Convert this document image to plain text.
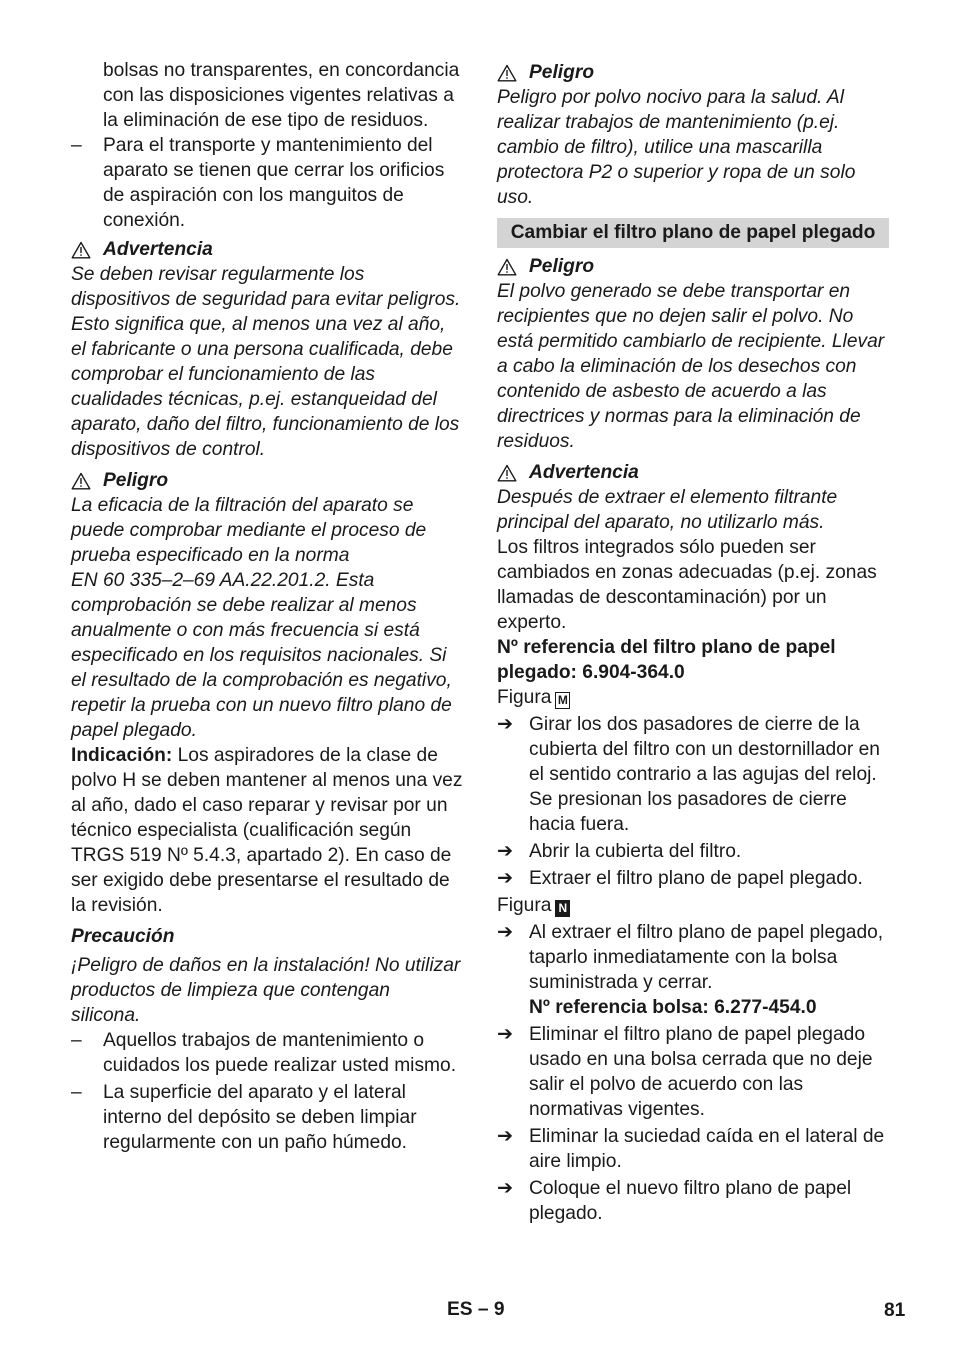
bolsas no transparentes, en concordancia con las disposiciones vigentes relativas a la eliminación de ese tipo de residuos.

– Para el transporte y mantenimiento del aparato se tienen que cerrar los orificios de aspiración con los manguitos de conexión.
Advertencia

Se deben revisar regularmente los dispositivos de seguridad para evitar peligros. Esto significa que, al menos una vez al año, el fabricante o una persona cualificada, debe comprobar el funcionamiento de las cualidades técnicas, p.ej. estanqueidad del aparato, daño del filtro, funcionamiento de los dispositivos de control.

Peligro

La eficacia de la filtración del aparato se puede comprobar mediante el proceso de prueba especificado en la norma

EN 60 335–2–69 AA.22.201.2. Esta comprobación se debe realizar al menos anualmente o con más frecuencia si está especificado en los requisitos nacionales. Si el resultado de la comprobación es negativo, repetir la prueba con un nuevo filtro plano de papel plegado.

Indicación: Los aspiradores de la clase de polvo H se deben mantener al menos una vez al año, dado el caso reparar y revisar por un técnico especialista (cualificación según TRGS 519 Nº 5.4.3, apartado 2). En caso de ser exigido debe presentarse el resultado de la revisión.

Precaución

¡Peligro de daños en la instalación! No utilizar productos de limpieza que contengan silicona.

– Aquellos trabajos de mantenimiento o cuidados los puede realizar usted mismo.
– La superficie del aparato y el lateral interno del depósito se deben limpiar regularmente con un paño húmedo.
Peligro

Peligro por polvo nocivo para la salud. Al realizar trabajos de mantenimiento (p.ej. cambio de filtro), utilice una mascarilla protectora P2 o superior y ropa de un solo uso.

Cambiar el filtro plano de papel plegado
Peligro

El polvo generado se debe transportar en recipientes que no dejen salir el polvo. No está permitido cambiarlo de recipiente. Llevar a cabo la eliminación de los desechos con contenido de asbesto de acuerdo a las directrices y normas para la eliminación de residuos.

Advertencia

Después de extraer el elemento filtrante principal del aparato, no utilizarlo más.

Los filtros integrados sólo pueden ser cambiados en zonas adecuadas (p.ej. zonas llamadas de descontaminación) por un experto.

Nº referencia del filtro plano de papel plegado: 6.904-364.0

Figura M

➔ Girar los dos pasadores de cierre de la cubierta del filtro con un destornillador en el sentido contrario a las agujas del reloj. Se presionan los pasadores de cierre hacia fuera.
➔ Abrir la cubierta del filtro.
➔ Extraer el filtro plano de papel plegado.

Figura N

➔ Al extraer el filtro plano de papel plegado, taparlo inmediatamente con la bolsa suministrada y cerrar.

Nº referencia bolsa: 6.277-454.0

➔ Eliminar el filtro plano de papel plegado usado en una bolsa cerrada que no deje salir el polvo de acuerdo con las normativas vigentes.
➔ Eliminar la suciedad caída en el lateral de aire limpio.
➔ Coloque el nuevo filtro plano de papel plegado.
ES – 9	81
